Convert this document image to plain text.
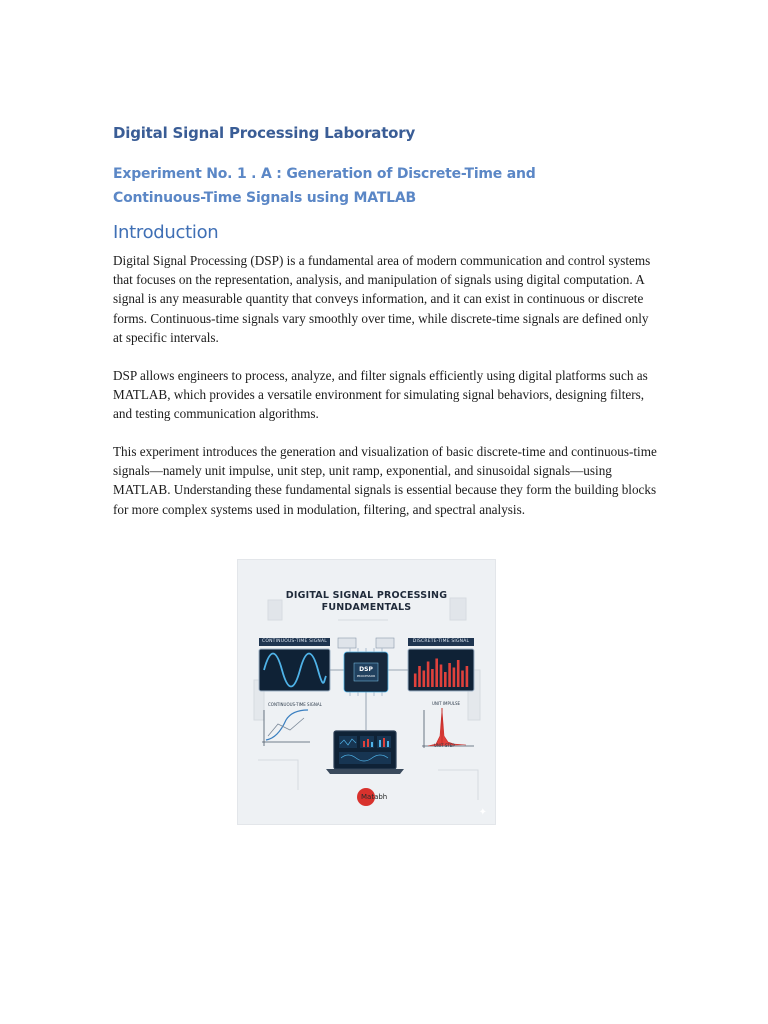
Digital Signal Processing Laboratory
Experiment No. 1 . A : Generation of Discrete-Time and Continuous-Time Signals using MATLAB
Introduction

Digital Signal Processing (DSP) is a fundamental area of modern communication and control systems that focuses on the representation, analysis, and manipulation of signals using digital computation. A signal is any measurable quantity that conveys information, and it can exist in continuous or discrete forms. Continuous-time signals vary smoothly over time, while discrete-time signals are defined only at specific intervals.

DSP allows engineers to process, analyze, and filter signals efficiently using digital platforms such as MATLAB, which provides a versatile environment for simulating signal behaviors, designing filters, and testing communication algorithms.

This experiment introduces the generation and visualization of basic discrete-time and continuous-time signals—namely unit impulse, unit step, unit ramp, exponential, and sinusoidal signals—using MATLAB. Understanding these fundamental signals is essential because they form the building blocks for more complex systems used in modulation, filtering, and spectral analysis.

DIGITAL SIGNAL PROCESSING
FUNDAMENTALS
CONTINUOUS-TIME SIGNAL	DISCRETE-TIME SIGNAL
DSP
PROCESSOR
CONTINUOUS-TIME SIGNAL	UNIT IMPULSE
UNIT STEP
Matabh
✦
